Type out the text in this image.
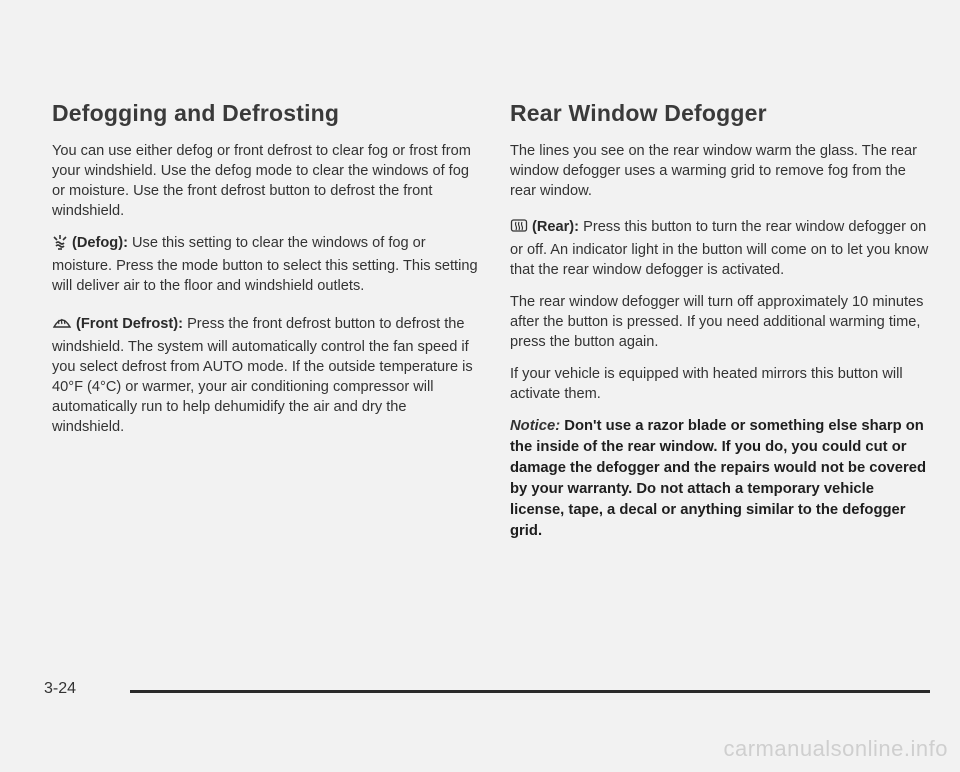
Defogging and Defrosting

You can use either defog or front defrost to clear fog or frost from your windshield. Use the defog mode to clear the windows of fog or moisture. Use the front defrost button to defrost the front windshield.

(Defog): Use this setting to clear the windows of fog or moisture. Press the mode button to select this setting. This setting will deliver air to the floor and windshield outlets.

(Front Defrost): Press the front defrost button to defrost the windshield. The system will automatically control the fan speed if you select defrost from AUTO mode. If the outside temperature is 40°F (4°C) or warmer, your air conditioning compressor will automatically run to help dehumidify the air and dry the windshield.

Rear Window Defogger

The lines you see on the rear window warm the glass. The rear window defogger uses a warming grid to remove fog from the rear window.

(Rear): Press this button to turn the rear window defogger on or off. An indicator light in the button will come on to let you know that the rear window defogger is activated.

The rear window defogger will turn off approximately 10 minutes after the button is pressed. If you need additional warming time, press the button again.

If your vehicle is equipped with heated mirrors this button will activate them.

Notice: Don't use a razor blade or something else sharp on the inside of the rear window. If you do, you could cut or damage the defogger and the repairs would not be covered by your warranty. Do not attach a temporary vehicle license, tape, a decal or anything similar to the defogger grid.

3-24
carmanualsonline.info
